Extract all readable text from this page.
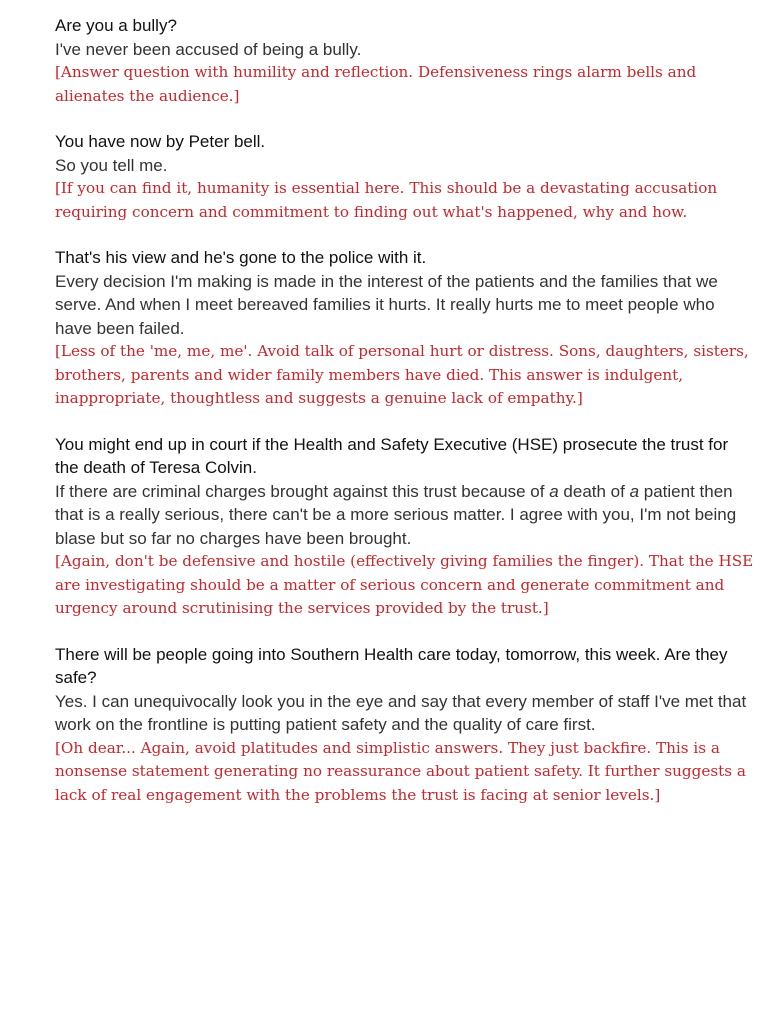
Are you a bully?

I've never been accused of being a bully.

[Answer question with humility and reflection. Defensiveness rings alarm bells and alienates the audience.]

You have now by Peter bell.

So you tell me.

[If you can find it, humanity is essential here. This should be a devastating accusation requiring concern and commitment to finding out what's happened, why and how.

That's his view and he's gone to the police with it.

Every decision I'm making is made in the interest of the patients and the families that we serve. And when I meet bereaved families it hurts. It really hurts me to meet people who have been failed.

[Less of the 'me, me, me'. Avoid talk of personal hurt or distress. Sons, daughters, sisters, brothers, parents and wider family members have died. This answer is indulgent, inappropriate, thoughtless and suggests a genuine lack of empathy.]

You might end up in court if the Health and Safety Executive (HSE) prosecute the trust for the death of Teresa Colvin.

If there are criminal charges brought against this trust because of a death of a patient then that is a really serious, there can't be a more serious matter. I agree with you, I'm not being blase but so far no charges have been brought.

[Again, don't be defensive and hostile (effectively giving families the finger). That the HSE are investigating should be a matter of serious concern and generate commitment and urgency around scrutinising the services provided by the trust.]

There will be people going into Southern Health care today, tomorrow, this week. Are they safe?

Yes. I can unequivocally look you in the eye and say that every member of staff I've met that work on the frontline is putting patient safety and the quality of care first.

[Oh dear... Again, avoid platitudes and simplistic answers. They just backfire. This is a nonsense statement generating no reassurance about patient safety. It further suggests a lack of real engagement with the problems the trust is facing at senior levels.]
